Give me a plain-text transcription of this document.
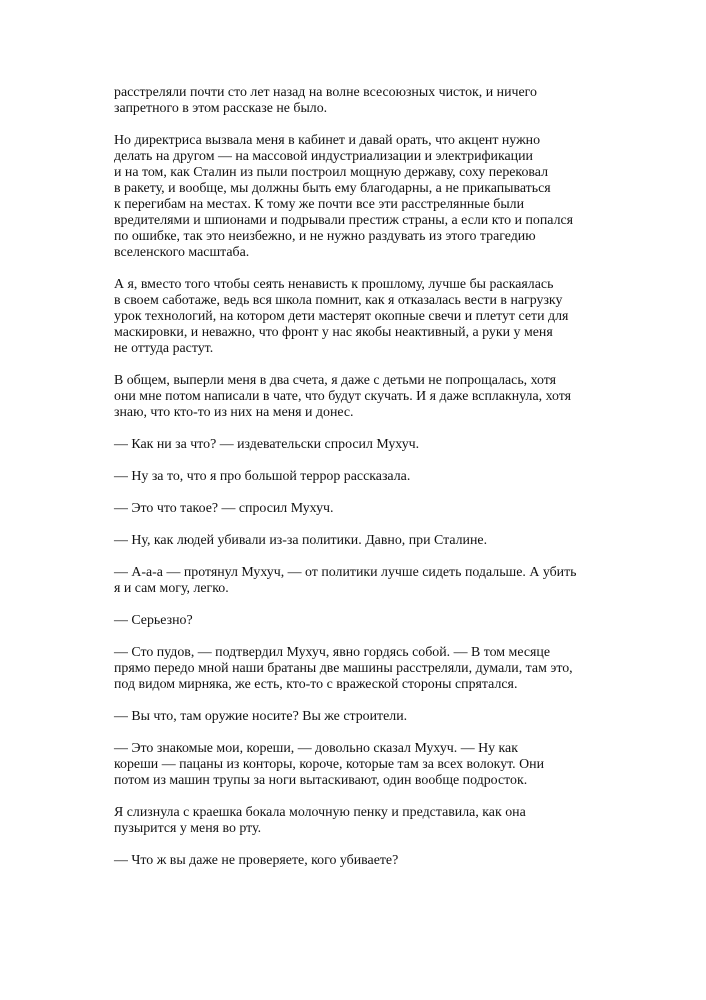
расстреляли почти сто лет назад на волне всесоюзных чисток, и ничего
запретного в этом рассказе не было.

Но директриса вызвала меня в кабинет и давай орать, что акцент нужно
делать на другом — на массовой индустриализации и электрификации
и на том, как Сталин из пыли построил мощную державу, соху перековал
в ракету, и вообще, мы должны быть ему благодарны, а не прикапываться
к перегибам на местах. К тому же почти все эти расстрелянные были
вредителями и шпионами и подрывали престиж страны, а если кто и попался
по ошибке, так это неизбежно, и не нужно раздувать из этого трагедию
вселенского масштаба.

А я, вместо того чтобы сеять ненависть к прошлому, лучше бы раскаялась
в своем саботаже, ведь вся школа помнит, как я отказалась вести в нагрузку
урок технологий, на котором дети мастерят окопные свечи и плетут сети для
маскировки, и неважно, что фронт у нас якобы неактивный, а руки у меня
не оттуда растут.

В общем, выперли меня в два счета, я даже с детьми не попрощалась, хотя
они мне потом написали в чате, что будут скучать. И я даже всплакнула, хотя
знаю, что кто-то из них на меня и донес.

— Как ни за что? — издевательски спросил Мухуч.

— Ну за то, что я про большой террор рассказала.

— Это что такое? — спросил Мухуч.

— Ну, как людей убивали из-за политики. Давно, при Сталине.

— А-а-а — протянул Мухуч, — от политики лучше сидеть подальше. А убить
я и сам могу, легко.

— Серьезно?

— Сто пудов, — подтвердил Мухуч, явно гордясь собой. — В том месяце
прямо передо мной наши братаны две машины расстреляли, думали, там это,
под видом мирняка, же есть, кто-то с вражеской стороны спрятался.

— Вы что, там оружие носите? Вы же строители.

— Это знакомые мои, кореши, — довольно сказал Мухуч. — Ну как
кореши — пацаны из конторы, короче, которые там за всех волокут. Они
потом из машин трупы за ноги вытаскивают, один вообще подросток.

Я слизнула с краешка бокала молочную пенку и представила, как она
пузырится у меня во рту.

— Что ж вы даже не проверяете, кого убиваете?
